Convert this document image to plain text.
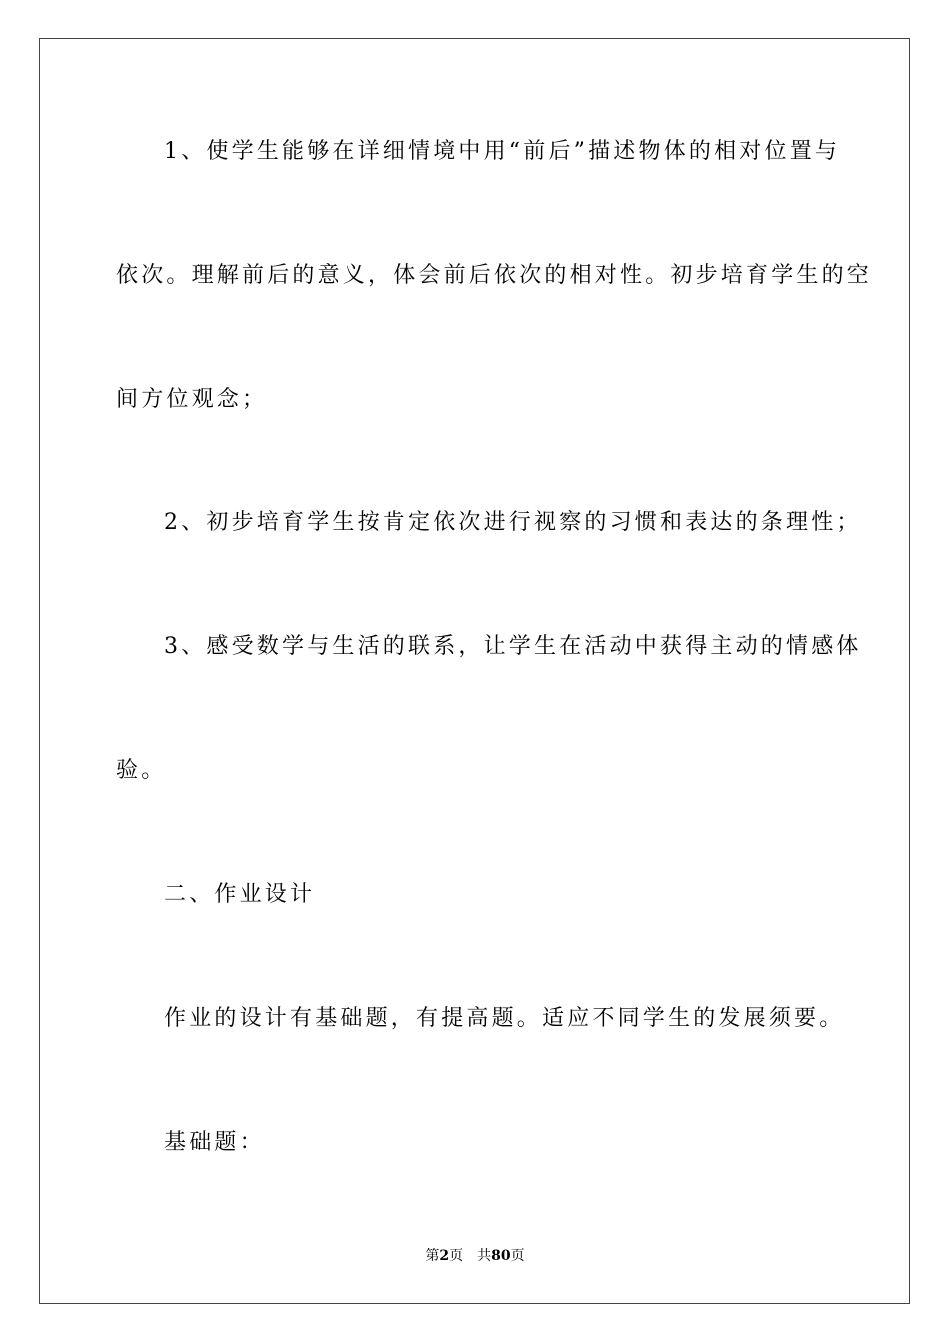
1、使学生能够在详细情境中用“前后”描述物体的相对位置与
依次。理解前后的意义，体会前后依次的相对性。初步培育学生的空
间方位观念；
2、初步培育学生按肯定依次进行视察的习惯和表达的条理性；
3、感受数学与生活的联系，让学生在活动中获得主动的情感体
验。
二、作业设计
作业的设计有基础题，有提高题。适应不同学生的发展须要。
基础题：
第2页 共80页
